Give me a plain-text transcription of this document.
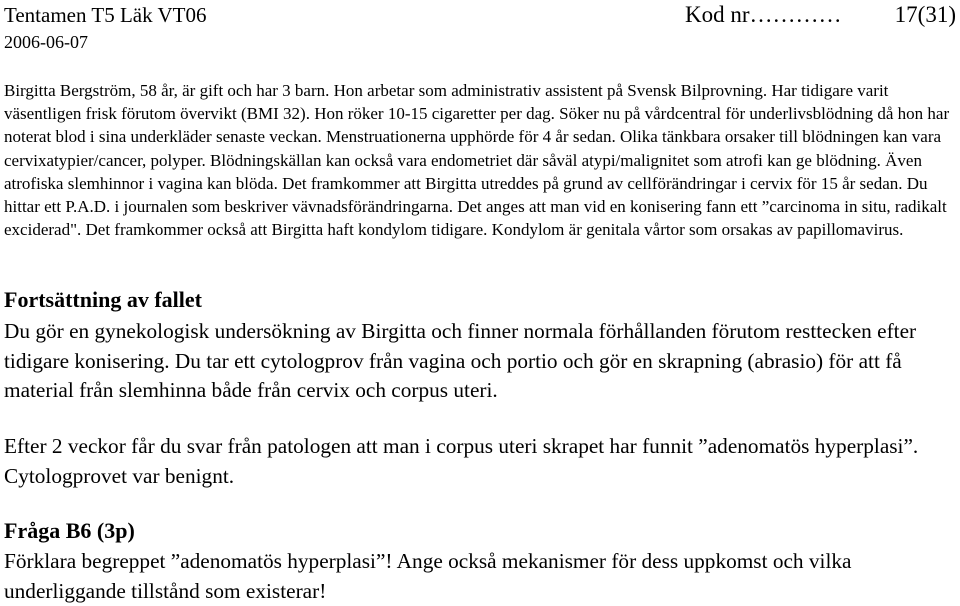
Tentamen T5 Läk VT06	Kod nr………… 17(31)
2006-06-07

Birgitta Bergström, 58 år, är gift och har 3 barn. Hon arbetar som administrativ assistent på Svensk Bilprovning. Har tidigare varit väsentligen frisk förutom övervikt (BMI 32). Hon röker 10-15 cigaretter per dag. Söker nu på vårdcentral för underlivsblödning då hon har noterat blod i sina underkläder senaste veckan. Menstruationerna upphörde för 4 år sedan. Olika tänkbara orsaker till blödningen kan vara cervixatypier/cancer, polyper. Blödningskällan kan också vara endometriet där såväl atypi/malignitet som atrofi kan ge blödning. Även atrofiska slemhinnor i vagina kan blöda. Det framkommer att Birgitta utreddes på grund av cellförändringar i cervix för 15 år sedan. Du hittar ett P.A.D. i journalen som beskriver vävnadsförändringarna. Det anges att man vid en konisering fann ett ”carcinoma in situ, radikalt exciderad". Det framkommer också att Birgitta haft kondylom tidigare. Kondylom är genitala vårtor som orsakas av papillomavirus.

Fortsättning av fallet

Du gör en gynekologisk undersökning av Birgitta och finner normala förhållanden förutom resttecken efter tidigare konisering. Du tar ett cytologprov från vagina och portio och gör en skrapning (abrasio) för att få material från slemhinna både från cervix och corpus uteri.

Efter 2 veckor får du svar från patologen att man i corpus uteri skrapet har funnit ”adenomatös hyperplasi”. Cytologprovet var benignt.

Fråga B6 (3p)

Förklara begreppet ”adenomatös hyperplasi”! Ange också mekanismer för dess uppkomst och vilka underliggande tillstånd som existerar!
